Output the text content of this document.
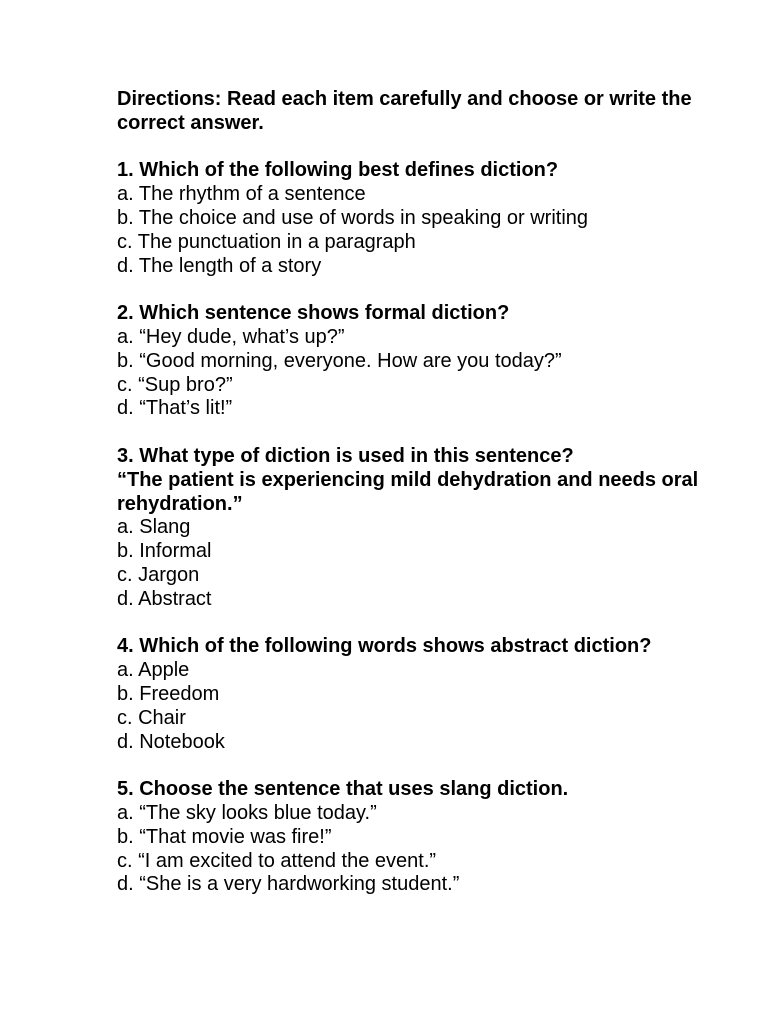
Directions: Read each item carefully and choose or write the correct answer.

1. Which of the following best defines diction?

a. The rhythm of a sentence

b. The choice and use of words in speaking or writing

c. The punctuation in a paragraph

d. The length of a story

2. Which sentence shows formal diction?

a. “Hey dude, what’s up?”

b. “Good morning, everyone. How are you today?”

c. “Sup bro?”

d. “That’s lit!”

3. What type of diction is used in this sentence?

“The patient is experiencing mild dehydration and needs oral rehydration.”

a. Slang

b. Informal

c. Jargon

d. Abstract

4. Which of the following words shows abstract diction?

a. Apple

b. Freedom

c. Chair

d. Notebook

5. Choose the sentence that uses slang diction.

a. “The sky looks blue today.”

b. “That movie was fire!”

c. “I am excited to attend the event.”

d. “She is a very hardworking student.”
